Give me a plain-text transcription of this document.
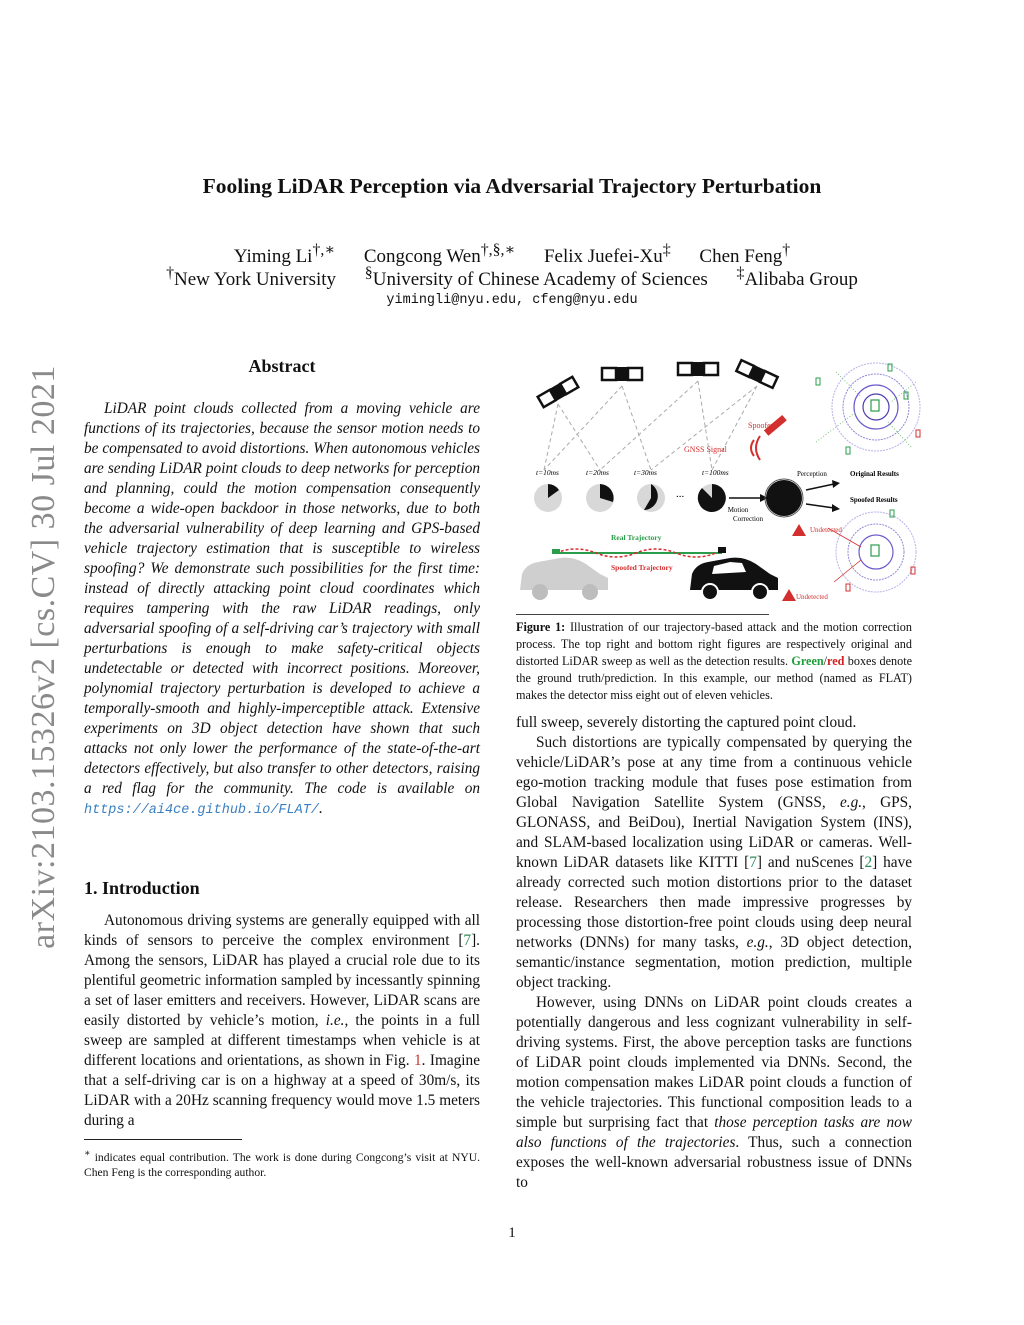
arXiv:2103.15326v2 [cs.CV] 30 Jul 2021
Fooling LiDAR Perception via Adversarial Trajectory Perturbation
Yiming Li†,∗ Congcong Wen†,§,∗ Felix Juefei-Xu‡ Chen Feng†
†New York University §University of Chinese Academy of Sciences ‡Alibaba Group
yimingli@nyu.edu, cfeng@nyu.edu
Abstract

LiDAR point clouds collected from a moving vehicle are functions of its trajectories, because the sensor motion needs to be compensated to avoid distortions. When autonomous vehicles are sending LiDAR point clouds to deep networks for perception and planning, could the motion compensation consequently become a wide-open backdoor in those networks, due to both the adversarial vulnerability of deep learning and GPS-based vehicle trajectory estimation that is susceptible to wireless spoofing? We demonstrate such possibilities for the first time: instead of directly attacking point cloud coordinates which requires tampering with the raw LiDAR readings, only adversarial spoofing of a self-driving car’s trajectory with small perturbations is enough to make safety-critical objects undetectable or detected with incorrect positions. Moreover, polynomial trajectory perturbation is developed to achieve a temporally-smooth and highly-imperceptible attack. Extensive experiments on 3D object detection have shown that such attacks not only lower the performance of the state-of-the-art detectors effectively, but also transfer to other detectors, raising a red flag for the community. The code is available on https://ai4ce.github.io/FLAT/.

1. Introduction

Autonomous driving systems are generally equipped with all kinds of sensors to perceive the complex environment [7]. Among the sensors, LiDAR has played a crucial role due to its plentiful geometric information sampled by incessantly spinning a set of laser emitters and receivers. However, LiDAR scans are easily distorted by vehicle’s motion, i.e., the points in a full sweep are sampled at different timestamps when vehicle is at different locations and orientations, as shown in Fig. 1. Imagine that a self-driving car is on a highway at a speed of 30m/s, its LiDAR with a 20Hz scanning frequency would move 1.5 meters during a

∗ indicates equal contribution. The work is done during Congcong’s visit at NYU. Chen Feng is the corresponding author.
Spoofer
GNSS Signal
t=10ms	t=20ms	t=30ms	t=100ms
...
Motion
Correction
Perception	Original Results
Spoofed Results
Undetected
Undetected
Real Trajectory
Spoofed Trajectory
Figure 1: Illustration of our trajectory-based attack and the motion correction process. The top right and bottom right figures are respectively original and distorted LiDAR sweep as well as the detection results. Green/red boxes denote the ground truth/prediction. In this example, our method (named as FLAT) makes the detector miss eight out of eleven vehicles.

full sweep, severely distorting the captured point cloud.

Such distortions are typically compensated by querying the vehicle/LiDAR’s pose at any time from a continuous vehicle ego-motion tracking module that fuses pose estimation from Global Navigation Satellite System (GNSS, e.g., GPS, GLONASS, and BeiDou), Inertial Navigation System (INS), and SLAM-based localization using LiDAR or cameras. Well-known LiDAR datasets like KITTI [7] and nuScenes [2] have already corrected such motion distortions prior to the dataset release. Researchers then made impressive progresses by processing those distortion-free point clouds using deep neural networks (DNNs) for many tasks, e.g., 3D object detection, semantic/instance segmentation, motion prediction, multiple object tracking.

However, using DNNs on LiDAR point clouds creates a potentially dangerous and less cognizant vulnerability in self-driving systems. First, the above perception tasks are functions of LiDAR point clouds implemented via DNNs. Second, the motion compensation makes LiDAR point clouds a function of the vehicle trajectories. This functional composition leads to a simple but surprising fact that those perception tasks are now also functions of the trajectories. Thus, such a connection exposes the well-known adversarial robustness issue of DNNs to

1
